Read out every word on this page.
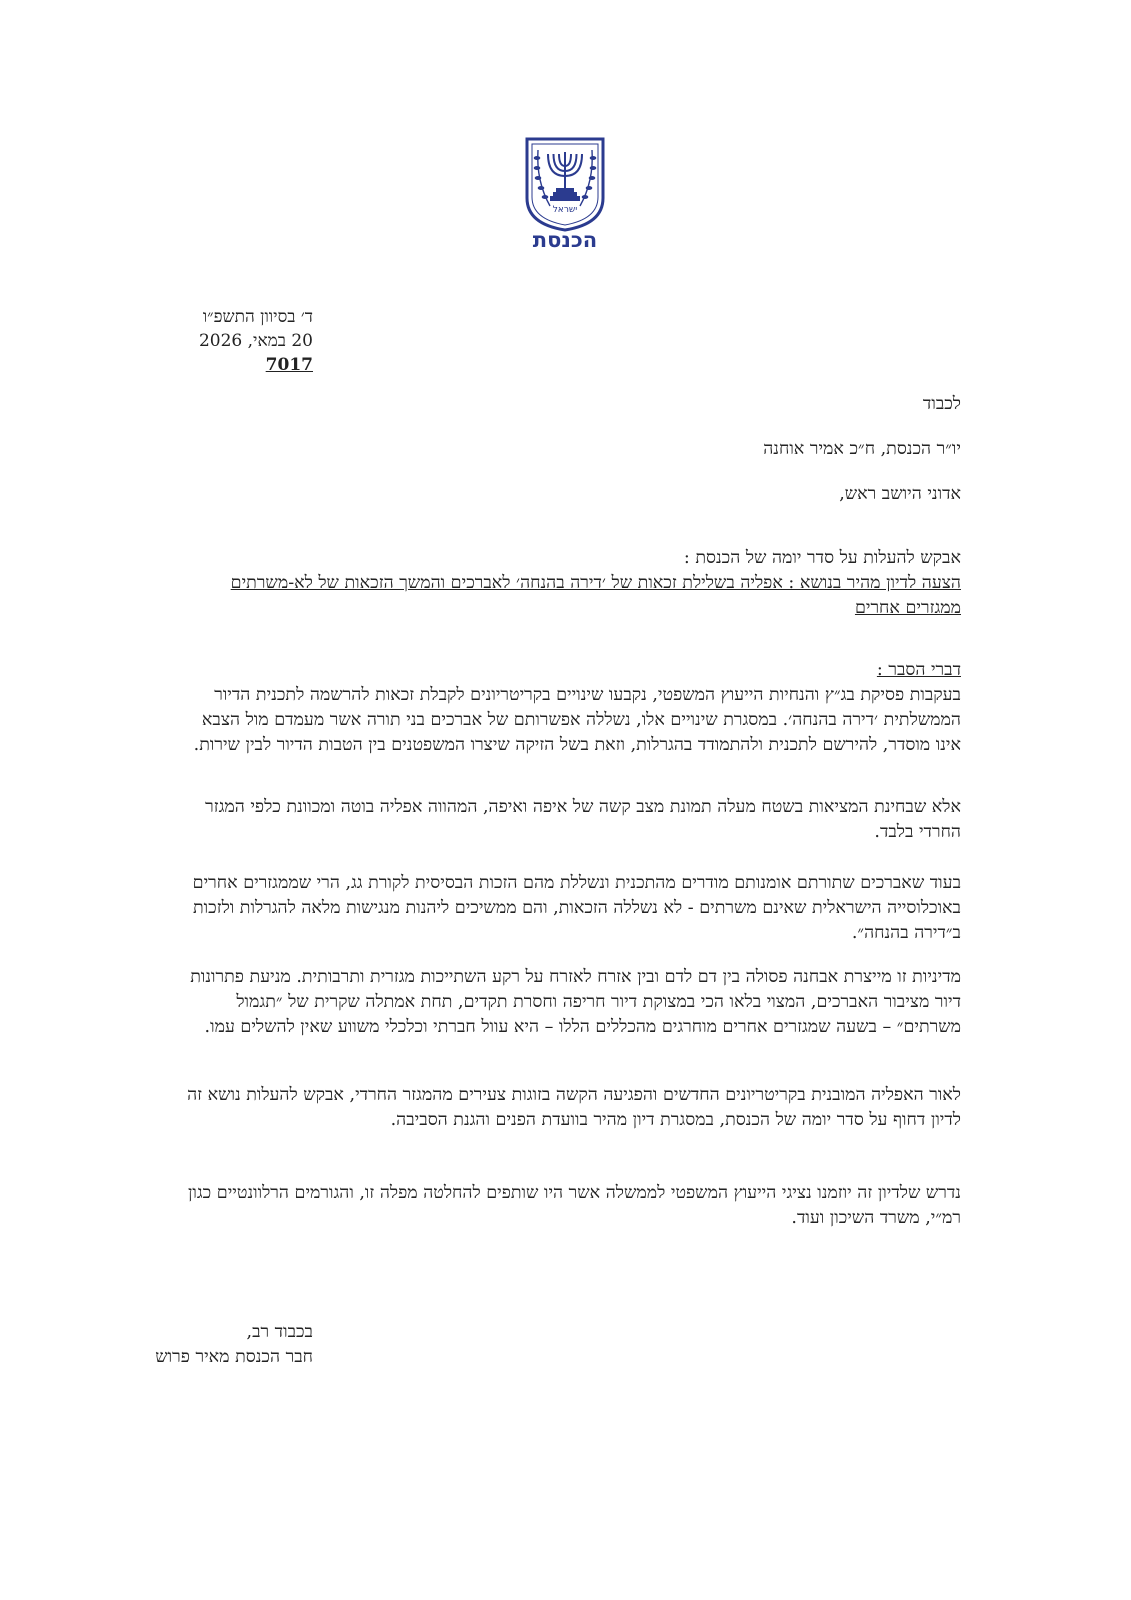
ישראל
הכנסת
ד׳ בסיוון התשפ״ו
20 במאי, 2026
7017
לכבוד
יו״ר הכנסת, ח״כ אמיר אוחנה
אדוני היושב ראש,
אבקש להעלות על סדר יומה של הכנסת :
הצעה לדיון מהיר בנושא : אפליה בשלילת זכאות של ׳דירה בהנחה׳ לאברכים והמשך הזכאות של לא-משרתים ממגזרים אחרים
דברי הסבר :
בעקבות פסיקת בג״ץ והנחיות הייעוץ המשפטי, נקבעו שינויים בקריטריונים לקבלת זכאות להרשמה לתכנית הדיור הממשלתית ׳דירה בהנחה׳. במסגרת שינויים אלו, נשללה אפשרותם של אברכים בני תורה אשר מעמדם מול הצבא אינו מוסדר, להירשם לתכנית ולהתמודד בהגרלות, וזאת בשל הזיקה שיצרו המשפטנים בין הטבות הדיור לבין שירות.
אלא שבחינת המציאות בשטח מעלה תמונת מצב קשה של איפה ואיפה, המהווה אפליה בוטה ומכוונת כלפי המגזר החרדי בלבד.
בעוד שאברכים שתורתם אומנותם מודרים מהתכנית ונשללת מהם הזכות הבסיסית לקורת גג, הרי שממגזרים אחרים באוכלוסייה הישראלית שאינם משרתים - לא נשללה הזכאות, והם ממשיכים ליהנות מנגישות מלאה להגרלות ולזכות ב״דירה בהנחה״.
מדיניות זו מייצרת אבחנה פסולה בין דם לדם ובין אזרח לאזרח על רקע השתייכות מגזרית ותרבותית. מניעת פתרונות דיור מציבור האברכים, המצוי בלאו הכי במצוקת דיור חריפה וחסרת תקדים, תחת אמתלה שקרית של ״תגמול משרתים״ – בשעה שמגזרים אחרים מוחרגים מהכללים הללו – היא עוול חברתי וכלכלי משווע שאין להשלים עמו.
לאור האפליה המובנית בקריטריונים החדשים והפגיעה הקשה בזוגות צעירים מהמגזר החרדי, אבקש להעלות נושא זה לדיון דחוף על סדר יומה של הכנסת, במסגרת דיון מהיר בוועדת הפנים והגנת הסביבה.
נדרש שלדיון זה יוזמנו נציגי הייעוץ המשפטי לממשלה אשר היו שותפים להחלטה מפלה זו, והגורמים הרלוונטיים כגון רמ״י, משרד השיכון ועוד.
בכבוד רב,
חבר הכנסת מאיר פרוש
